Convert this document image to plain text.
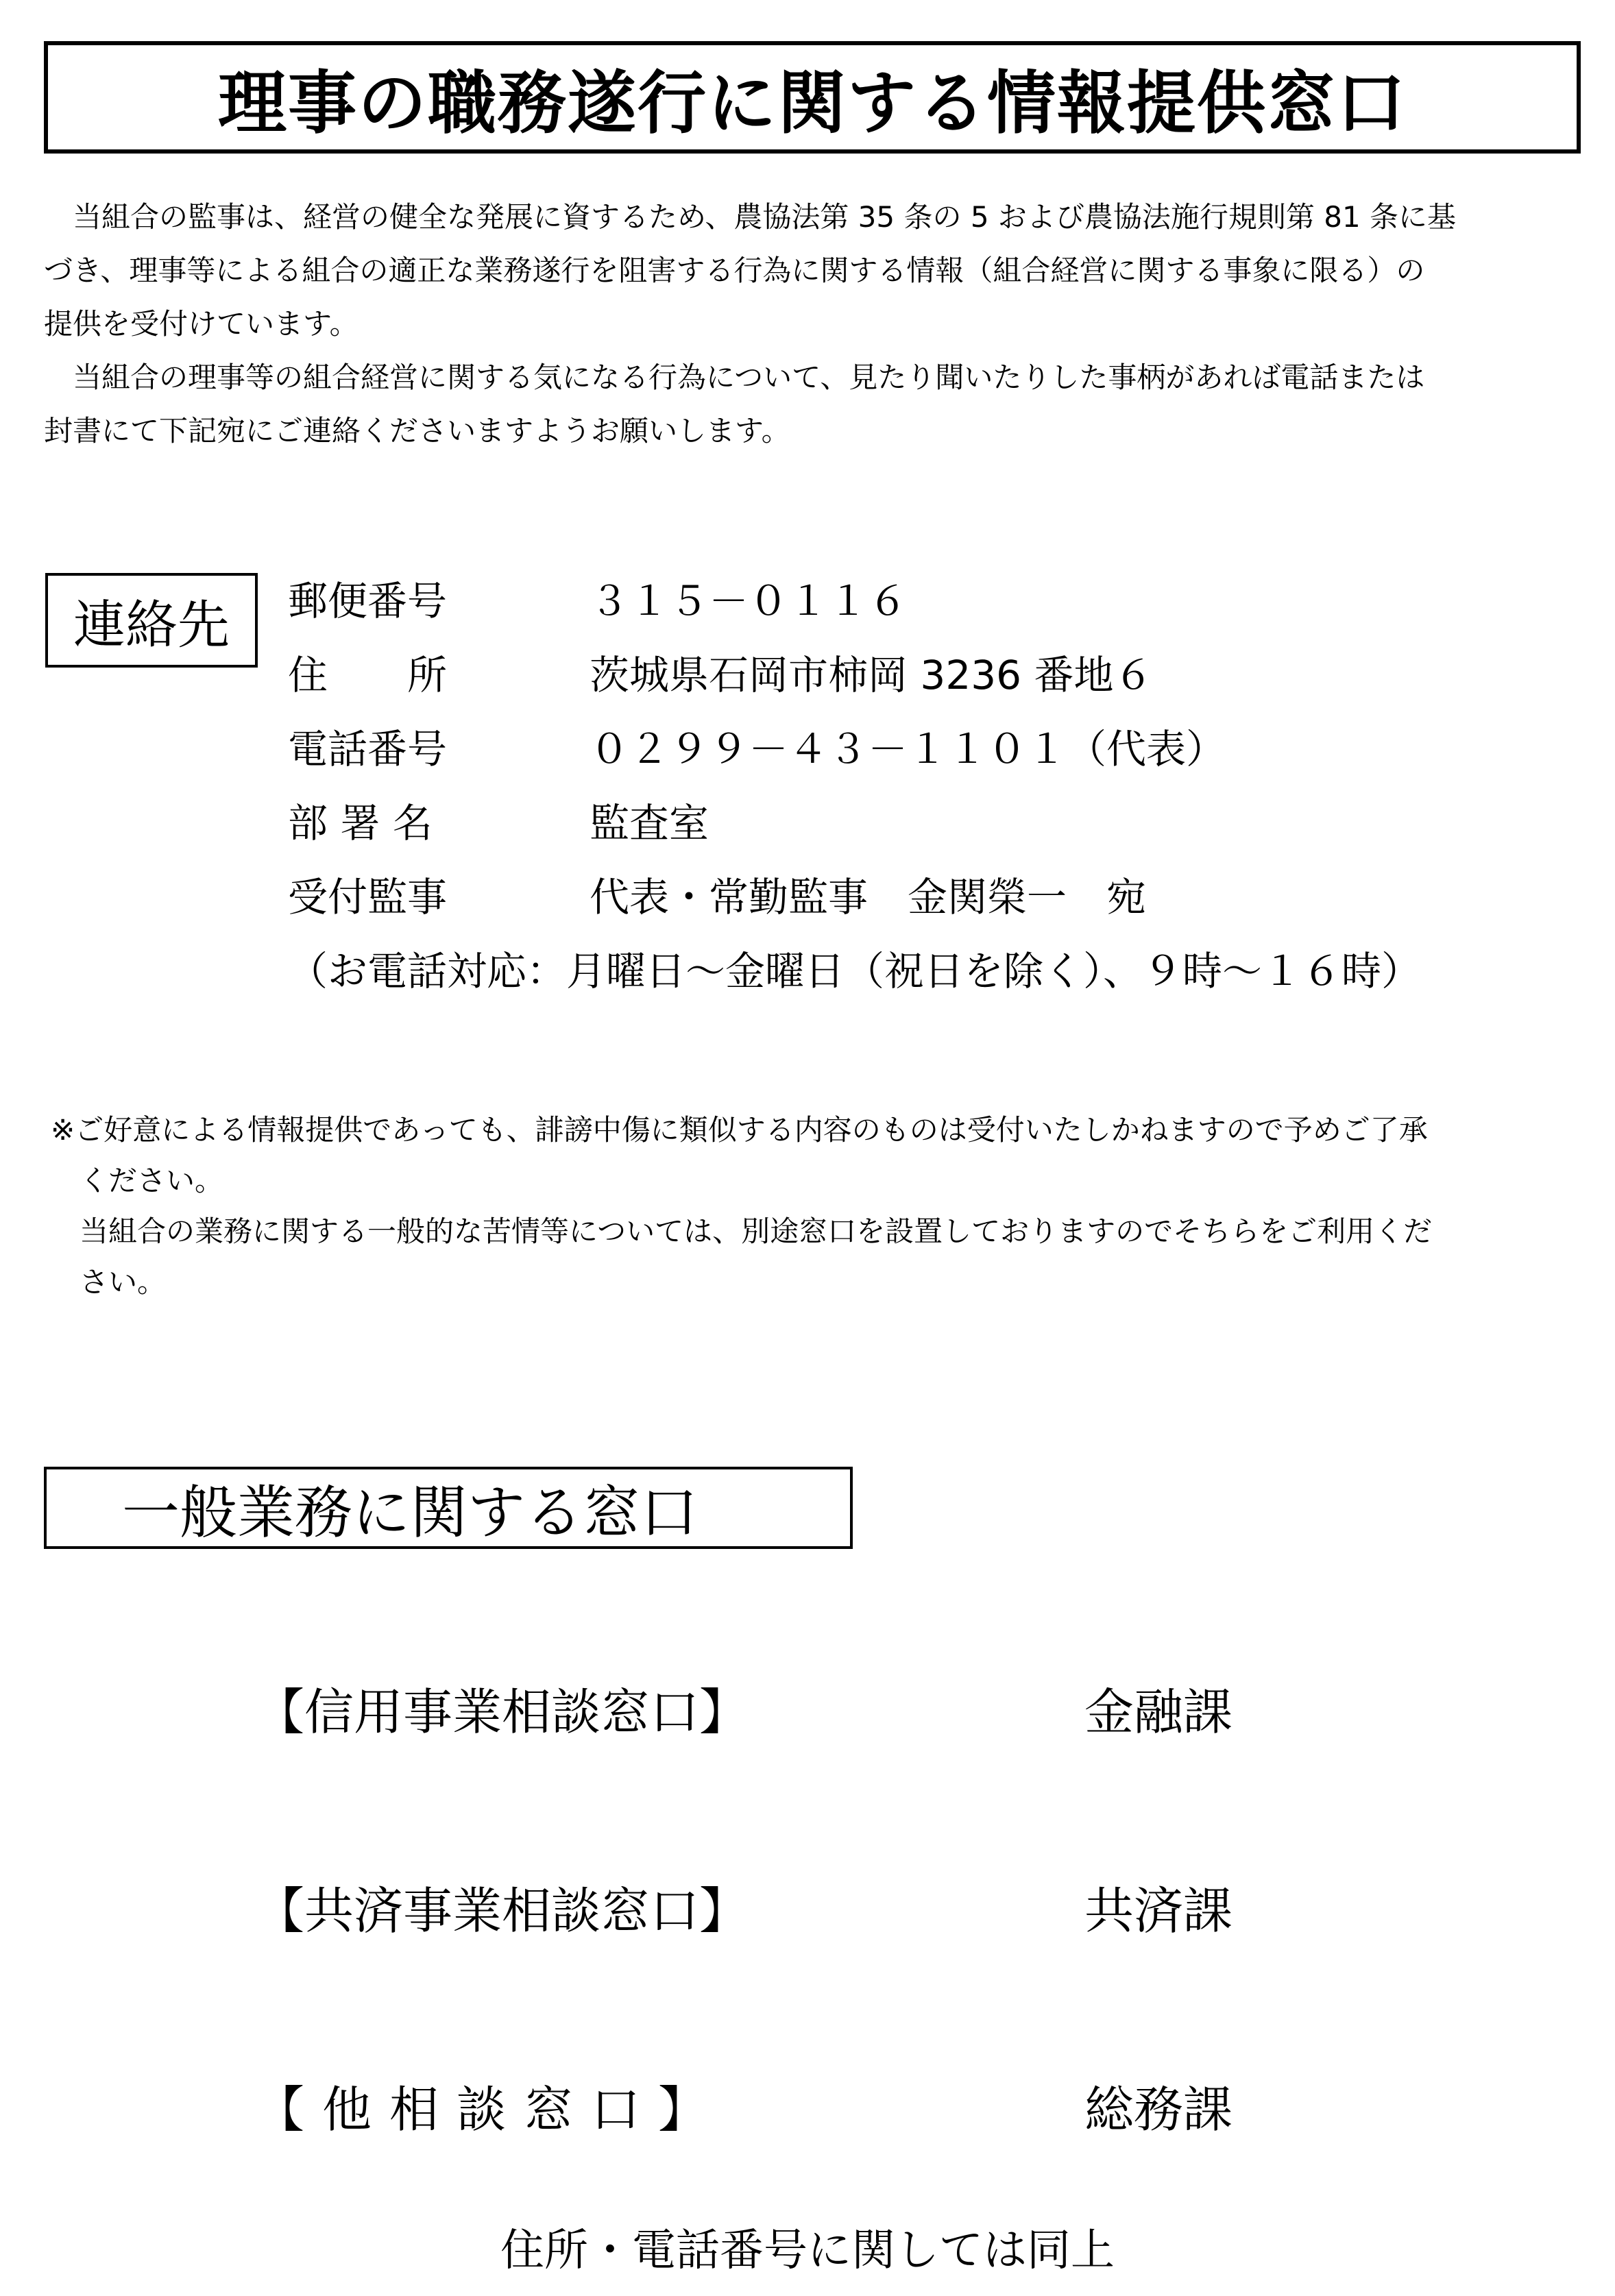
理事の職務遂行に関する情報提供窓口
当組合の監事は、経営の健全な発展に資するため、農協法第 35 条の 5 および農協法施行規則第 81 条に基
づき、理事等による組合の適正な業務遂行を阻害する行為に関する情報（組合経営に関する事象に限る）の
提供を受付けています。
当組合の理事等の組合経営に関する気になる行為について、見たり聞いたりした事柄があれば電話または
封書にて下記宛にご連絡くださいますようお願いします。
連絡先	郵便番号	３１５－０１１６
住　　所	茨城県石岡市柿岡 3236 番地６
電話番号	０２９９－４３－１１０１（代表）
部 署 名	監査室
受付監事	代表・常勤監事　金関榮一　宛
（お電話対応：月曜日～金曜日（祝日を除く）、９時～１６時）
※ご好意による情報提供であっても、誹謗中傷に類似する内容のものは受付いたしかねますので予めご了承
ください。
当組合の業務に関する一般的な苦情等については、別途窓口を設置しておりますのでそちらをご利用くだ
さい。
一般業務に関する窓口
【信用事業相談窓口】	金融課
【共済事業相談窓口】	共済課
【他相談窓口】	総務課
住所・電話番号に関しては同上
